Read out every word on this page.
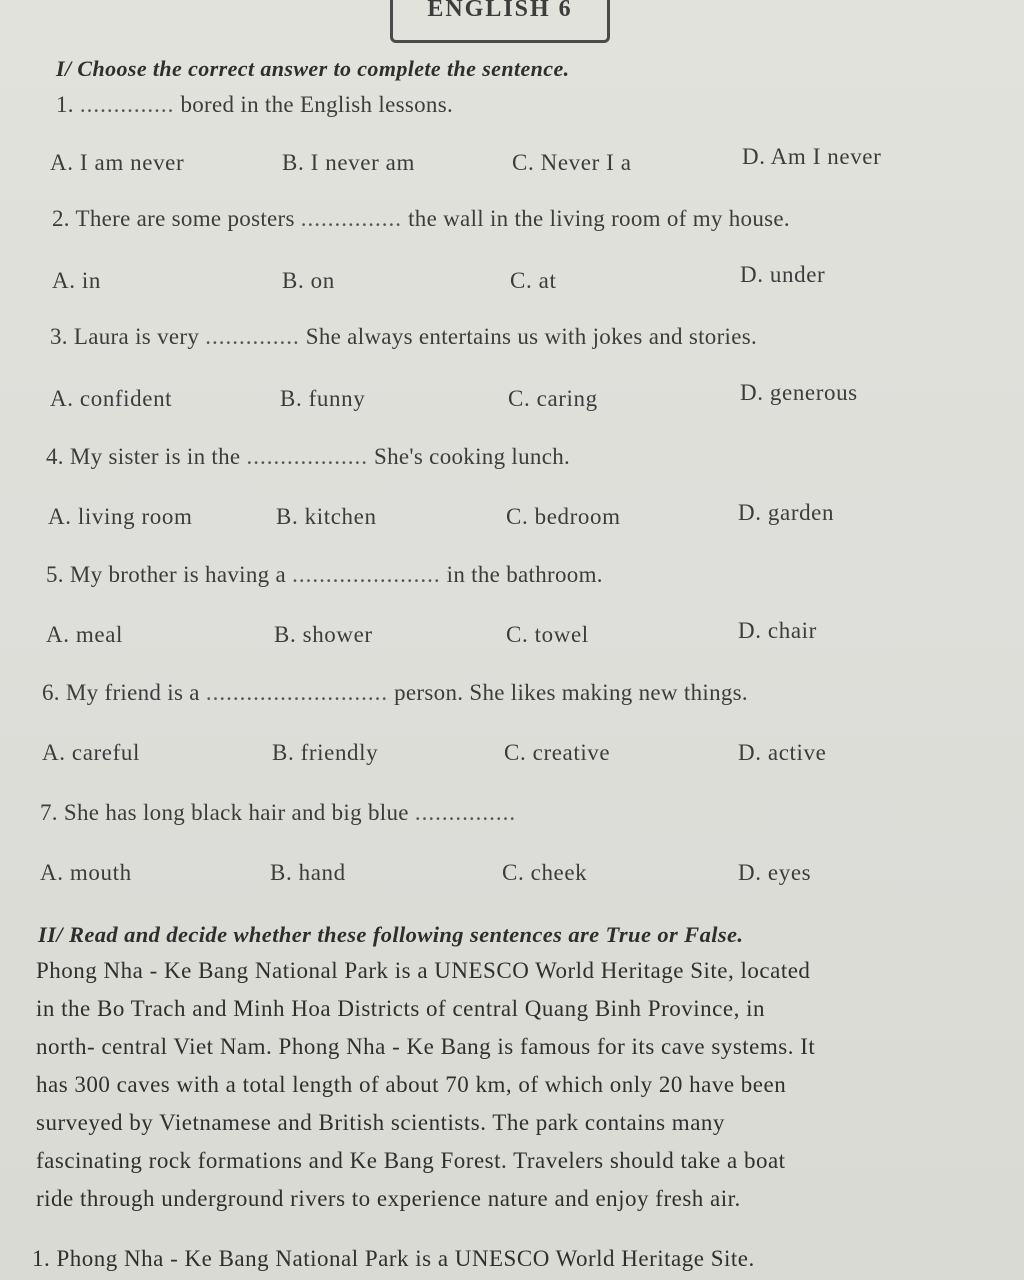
ENGLISH 6
I/ Choose the correct answer to complete the sentence.
1. .............. bored in the English lessons.
A. I am never	B. I never am	C. Never I a	D. Am I never
2. There are some posters ............... the wall in the living room of my house.
A. in	B. on	C. at	D. under
3. Laura is very .............. She always entertains us with jokes and stories.
A. confident	B. funny	C. caring	D. generous
4. My sister is in the .................. She's cooking lunch.
A. living room	B. kitchen	C. bedroom	D. garden
5. My brother is having a ...................... in the bathroom.
A. meal	B. shower	C. towel	D. chair
6. My friend is a ........................... person. She likes making new things.
A. careful	B. friendly	C. creative	D. active
7. She has long black hair and big blue ...............
A. mouth	B. hand	C. cheek	D. eyes
II/ Read and decide whether these following sentences are True or False.
Phong Nha - Ke Bang National Park is a UNESCO World Heritage Site, located
in the Bo Trach and Minh Hoa Districts of central Quang Binh Province, in
north- central Viet Nam. Phong Nha - Ke Bang is famous for its cave systems. It
has 300 caves with a total length of about 70 km, of which only 20 have been
surveyed by Vietnamese and British scientists. The park contains many
fascinating rock formations and Ke Bang Forest. Travelers should take a boat
ride through underground rivers to experience nature and enjoy fresh air.
1. Phong Nha - Ke Bang National Park is a UNESCO World Heritage Site.
